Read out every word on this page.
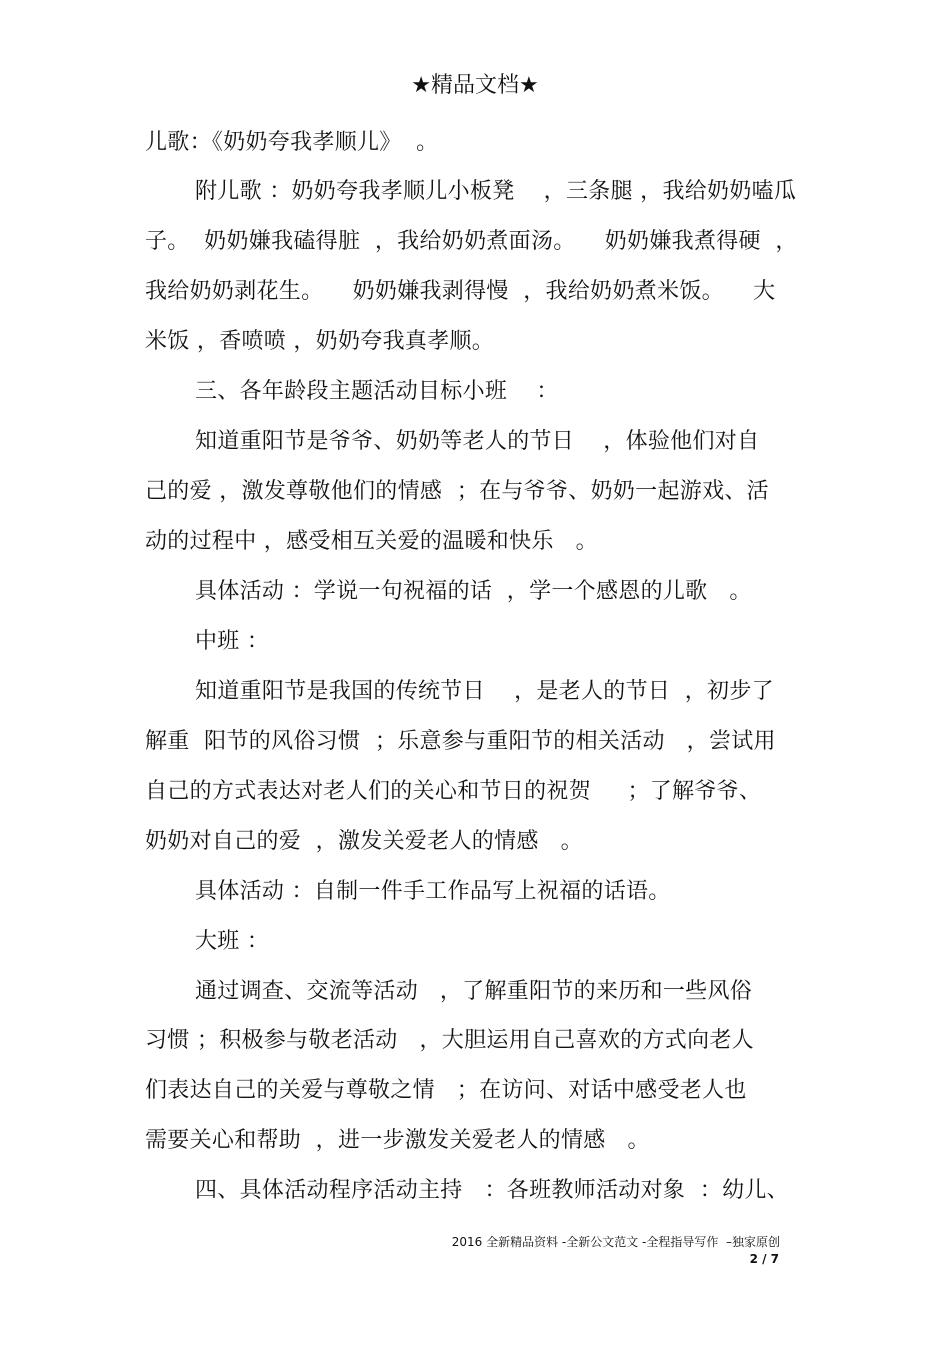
★精品文档★
儿歌：《奶奶夸我孝顺儿》  。
附儿歌 ：奶奶夸我孝顺儿小板凳    ，三条腿 ，我给奶奶嗑瓜
子。  奶奶嫌我磕得脏  ，我给奶奶煮面汤。    奶奶嫌我煮得硬  ，
我给奶奶剥花生。    奶奶嫌我剥得慢  ，我给奶奶煮米饭。    大
米饭 ，香喷喷 ，奶奶夸我真孝顺。
三、各年龄段主题活动目标小班    ：
知道重阳节是爷爷、奶奶等老人的节日    ，体验他们对自
己的爱 ，激发尊敬他们的情感  ；在与爷爷、奶奶一起游戏、活
动的过程中 ，感受相互关爱的温暖和快乐   。
具体活动 ：学说一句祝福的话  ，学一个感恩的儿歌   。
中班 ：
知道重阳节是我国的传统节日    ，是老人的节日  ，初步了
解重  阳节的风俗习惯  ；乐意参与重阳节的相关活动   ，尝试用
自己的方式表达对老人们的关心和节日的祝贺     ；了解爷爷、
奶奶对自己的爱  ，激发关爱老人的情感   。
具体活动 ：自制一件手工作品写上祝福的话语。
大班 ：
通过调查、交流等活动   ，了解重阳节的来历和一些风俗
习惯 ；积极参与敬老活动   ，大胆运用自己喜欢的方式向老人
们表达自己的关爱与尊敬之情   ；在访问、对话中感受老人也
需要关心和帮助  ，进一步激发关爱老人的情感   。
四、具体活动程序活动主持   ：各班教师活动对象  ：幼儿、
2016 全新精品资料 -全新公文范文 -全程指导写作  –独家原创
2 / 7
